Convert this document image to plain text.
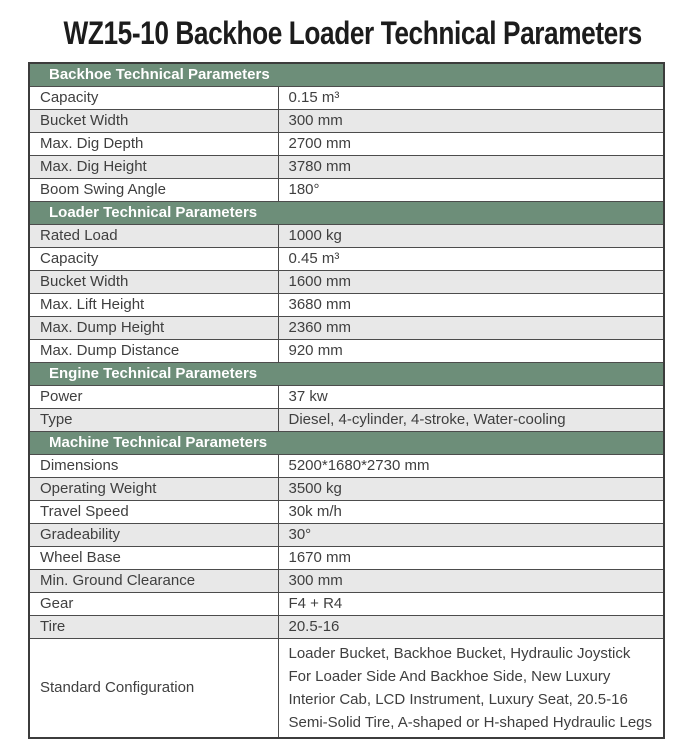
WZ15-10 Backhoe Loader Technical Parameters
Backhoe Technical Parameters	
Capacity	0.15 m³
Bucket Width	300 mm
Max. Dig Depth	2700 mm
Max. Dig Height	3780 mm
Boom Swing Angle	180°
Loader Technical Parameters	
Rated Load	1000 kg
Capacity	0.45 m³
Bucket Width	1600 mm
Max. Lift Height	3680 mm
Max. Dump Height	2360 mm
Max. Dump Distance	920 mm
Engine Technical Parameters	
Power	37 kw
Type	Diesel, 4-cylinder, 4-stroke, Water-cooling
Machine Technical Parameters	
Dimensions	5200*1680*2730 mm
Operating Weight	3500 kg
Travel Speed	30k m/h
Gradeability	30°
Wheel Base	1670 mm
Min. Ground Clearance	300 mm
Gear	F4 + R4
Tire	20.5-16
Standard Configuration	Loader Bucket, Backhoe Bucket, Hydraulic Joystick For Loader Side And Backhoe Side, New Luxury Interior Cab, LCD Instrument, Luxury Seat, 20.5-16 Semi-Solid Tire, A-shaped or H-shaped Hydraulic Legs
